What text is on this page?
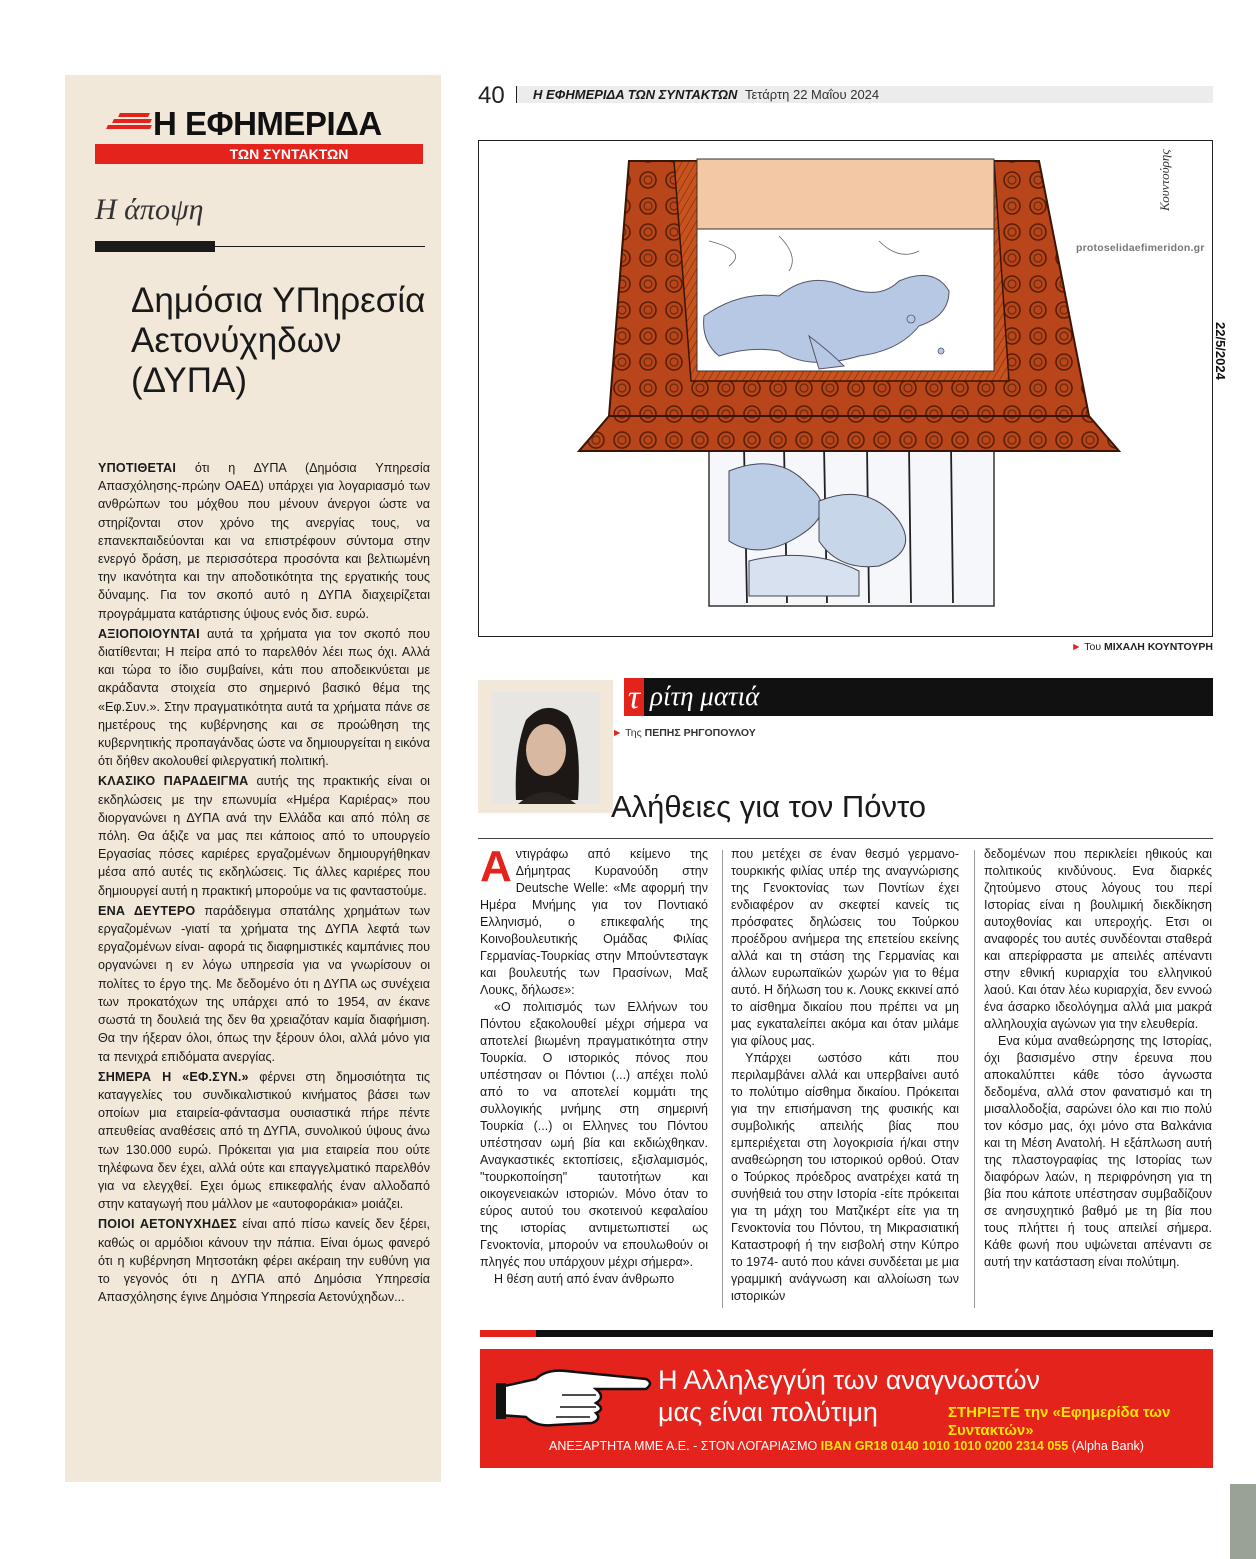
Η ΕΦΗΜΕΡΙΔΑ
ΤΩΝ ΣΥΝΤΑΚΤΩΝ
Η άποψη
Δημόσια ΥΠηρεσία Αετονύχηδων (ΔΥΠΑ)

ΥΠΟΤΙΘΕΤΑΙ ότι η ΔΥΠΑ (Δημόσια Υπηρεσία Απασχόλησης-πρώην ΟΑΕΔ) υπάρχει για λογαριασμό των ανθρώπων του μόχθου που μένουν άνεργοι ώστε να στηρίζονται στον χρόνο της ανεργίας τους, να επανεκπαιδεύονται και να επιστρέφουν σύντομα στην ενεργό δράση, με περισσότερα προσόντα και βελτιωμένη την ικανότητα και την αποδοτικότητα της εργατικής τους δύναμης. Για τον σκοπό αυτό η ΔΥΠΑ διαχειρίζεται προγράμματα κατάρτισης ύψους ενός δισ. ευρώ.

ΑΞΙΟΠΟΙΟΥΝΤΑΙ αυτά τα χρήματα για τον σκοπό που διατίθενται; Η πείρα από το παρελθόν λέει πως όχι. Αλλά και τώρα το ίδιο συμβαίνει, κάτι που αποδεικνύεται με ακράδαντα στοιχεία στο σημερινό βασικό θέμα της «Εφ.Συν.». Στην πραγματικότητα αυτά τα χρήματα πάνε σε ημετέρους της κυβέρνησης και σε προώθηση της κυβερνητικής προπαγάνδας ώστε να δημιουργείται η εικόνα ότι δήθεν ακολουθεί φιλεργατική πολιτική.

ΚΛΑΣΙΚΟ ΠΑΡΑΔΕΙΓΜΑ αυτής της πρακτικής είναι οι εκδηλώσεις με την επωνυμία «Ημέρα Καριέρας» που διοργανώνει η ΔΥΠΑ ανά την Ελλάδα και από πόλη σε πόλη. Θα άξιζε να μας πει κάποιος από το υπουργείο Εργασίας πόσες καριέρες εργαζομένων δημιουργήθηκαν μέσα από αυτές τις εκδηλώσεις. Τις άλλες καριέρες που δημιουργεί αυτή η πρακτική μπορούμε να τις φανταστούμε.

ΕΝΑ ΔΕΥΤΕΡΟ παράδειγμα σπατάλης χρημάτων των εργαζομένων -γιατί τα χρήματα της ΔΥΠΑ λεφτά των εργαζομένων είναι- αφορά τις διαφημιστικές καμπάνιες που οργανώνει η εν λόγω υπηρεσία για να γνωρίσουν οι πολίτες το έργο της. Με δεδομένο ότι η ΔΥΠΑ ως συνέχεια των προκατόχων της υπάρχει από το 1954, αν έκανε σωστά τη δουλειά της δεν θα χρειαζόταν καμία διαφήμιση. Θα την ήξεραν όλοι, όπως την ξέρουν όλοι, αλλά μόνο για τα πενιχρά επιδόματα ανεργίας.

ΣΗΜΕΡΑ Η «ΕΦ.ΣΥΝ.» φέρνει στη δημοσιότητα τις καταγγελίες του συνδικαλιστικού κινήματος βάσει των οποίων μια εταιρεία-φάντασμα ουσιαστικά πήρε πέντε απευθείας αναθέσεις από τη ΔΥΠΑ, συνολικού ύψους άνω των 130.000 ευρώ. Πρόκειται για μια εταιρεία που ούτε τηλέφωνα δεν έχει, αλλά ούτε και επαγγελματικό παρελθόν για να ελεγχθεί. Εχει όμως επικεφαλής έναν αλλοδαπό στην καταγωγή που μάλλον με «αυτοφοράκια» μοιάζει.

ΠΟΙΟΙ ΑΕΤΟΝΥΧΗΔΕΣ είναι από πίσω κανείς δεν ξέρει, καθώς οι αρμόδιοι κάνουν την πάπια. Είναι όμως φανερό ότι η κυβέρνηση Μητσοτάκη φέρει ακέραιη την ευθύνη για το γεγονός ότι η ΔΥΠΑ από Δημόσια Υπηρεσία Απασχόλησης έγινε Δημόσια Υπηρεσία Αετονύχηδων...

40 Η ΕΦΗΜΕΡΙΔΑ ΤΩΝ ΣΥΝΤΑΚΤΩΝ Τετάρτη 22 Μαΐου 2024
22/5/2024
Κουντούρης
protoselidaefimeridon.gr
► Του ΜΙΧΑΛΗ ΚΟΥΝΤΟΥΡΗ
τ ρίτη ματιά
► Της ΠΕΠΗΣ ΡΗΓΟΠΟΥΛΟΥ
Αλήθειες για τον Πόντο

Αντιγράφω από κείμενο της Δήμητρας Κυρανούδη στην Deutsche Welle: «Με αφορμή την Ημέρα Μνήμης για τον Ποντιακό Ελληνισμό, ο επικεφαλής της Κοινοβουλευτικής Ομάδας Φιλίας Γερμανίας-Τουρκίας στην Μπούντεσταγκ και βουλευτής των Πρασίνων, Μαξ Λουκς, δήλωσε»:

«Ο πολιτισμός των Ελλήνων του Πόντου εξακολουθεί μέχρι σήμερα να αποτελεί βιωμένη πραγματικότητα στην Τουρκία. Ο ιστορικός πόνος που υπέστησαν οι Πόντιοι (...) απέχει πολύ από το να αποτελεί κομμάτι της συλλογικής μνήμης στη σημερινή Τουρκία (...) οι Ελληνες του Πόντου υπέστησαν ωμή βία και εκδιώχθηκαν. Αναγκαστικές εκτοπίσεις, εξισλαμισμός, "τουρκοποίηση" ταυτοτήτων και οικογενειακών ιστοριών. Μόνο όταν το εύρος αυτού του σκοτεινού κεφαλαίου της ιστορίας αντιμετωπιστεί ως Γενοκτονία, μπορούν να επουλωθούν οι πληγές που υπάρχουν μέχρι σήμερα».

Η θέση αυτή από έναν άνθρωπο

που μετέχει σε έναν θεσμό γερμανο-τουρκικής φιλίας υπέρ της αναγνώρισης της Γενοκτονίας των Ποντίων έχει ενδιαφέρον αν σκεφτεί κανείς τις πρόσφατες δηλώσεις του Τούρκου προέδρου ανήμερα της επετείου εκείνης αλλά και τη στάση της Γερμανίας και άλλων ευρωπαϊκών χωρών για το θέμα αυτό. Η δήλωση του κ. Λουκς εκκινεί από το αίσθημα δικαίου που πρέπει να μη μας εγκαταλείπει ακόμα και όταν μιλάμε για φίλους μας.

Υπάρχει ωστόσο κάτι που περιλαμβάνει αλλά και υπερβαίνει αυτό το πολύτιμο αίσθημα δικαίου. Πρόκειται για την επισήμανση της φυσικής και συμβολικής απειλής βίας που εμπεριέχεται στη λογοκρισία ή/και στην αναθεώρηση του ιστορικού ορθού. Οταν ο Τούρκος πρόεδρος ανατρέχει κατά τη συνήθειά του στην Ιστορία -είτε πρόκειται για τη μάχη του Ματζικέρτ είτε για τη Γενοκτονία του Πόντου, τη Μικρασιατική Καταστροφή ή την εισβολή στην Κύπρο το 1974- αυτό που κάνει συνδέεται με μια γραμμική ανάγνωση και αλλοίωση των ιστορικών

δεδομένων που περικλείει ηθικούς και πολιτικούς κινδύνους. Ενα διαρκές ζητούμενο στους λόγους του περί Ιστορίας είναι η βουλιμική διεκδίκηση αυτοχθονίας και υπεροχής. Ετσι οι αναφορές του αυτές συνδέονται σταθερά και απερίφραστα με απειλές απέναντι στην εθνική κυριαρχία του ελληνικού λαού. Και όταν λέω κυριαρχία, δεν εννοώ ένα άσαρκο ιδεολόγημα αλλά μια μακρά αλληλουχία αγώνων για την ελευθερία.

Ενα κύμα αναθεώρησης της Ιστορίας, όχι βασισμένο στην έρευνα που αποκαλύπτει κάθε τόσο άγνωστα δεδομένα, αλλά στον φανατισμό και τη μισαλλοδοξία, σαρώνει όλο και πιο πολύ τον κόσμο μας, όχι μόνο στα Βαλκάνια και τη Μέση Ανατολή. Η εξάπλωση αυτή της πλαστογραφίας της Ιστορίας των διαφόρων λαών, η περιφρόνηση για τη βία που κάποτε υπέστησαν συμβαδίζουν σε ανησυχητικό βαθμό με τη βία που τους πλήττει ή τους απειλεί σήμερα. Κάθε φωνή που υψώνεται απέναντι σε αυτή την κατάσταση είναι πολύτιμη.

Η Αλληλεγγύη των αναγνωστών
μας είναι πολύτιμη	ΣΤΗΡΙΞΤΕ την «Εφημερίδα των Συντακτών»
ΑΝΕΞΑΡΤΗΤΑ ΜΜΕ Α.Ε. - ΣΤΟΝ ΛΟΓΑΡΙΑΣΜΟ IBAN GR18 0140 1010 1010 0200 2314 055 (Alpha Bank)
